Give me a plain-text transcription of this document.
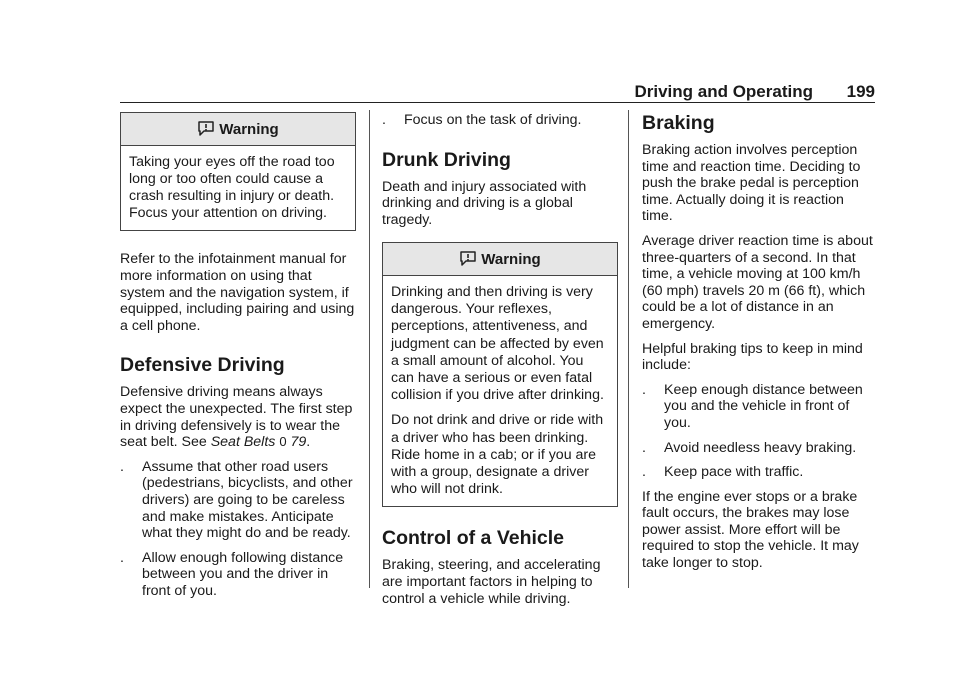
Driving and Operating 199
Warning

Taking your eyes off the road too long or too often could cause a crash resulting in injury or death. Focus your attention on driving.

Refer to the infotainment manual for more information on using that system and the navigation system, if equipped, including pairing and using a cell phone.

Defensive Driving

Defensive driving means always expect the unexpected. The first step in driving defensively is to wear the seat belt. See Seat Belts 0 79.

. Assume that other road users (pedestrians, bicyclists, and other drivers) are going to be careless and make mistakes. Anticipate what they might do and be ready.
. Allow enough following distance between you and the driver in front of you.
. Focus on the task of driving.
Drunk Driving

Death and injury associated with drinking and driving is a global tragedy.

Warning

Drinking and then driving is very dangerous. Your reflexes, perceptions, attentiveness, and judgment can be affected by even a small amount of alcohol. You can have a serious or even fatal collision if you drive after drinking.

Do not drink and drive or ride with a driver who has been drinking. Ride home in a cab; or if you are with a group, designate a driver who will not drink.

Control of a Vehicle

Braking, steering, and accelerating are important factors in helping to control a vehicle while driving.

Braking

Braking action involves perception time and reaction time. Deciding to push the brake pedal is perception time. Actually doing it is reaction time.

Average driver reaction time is about three-quarters of a second. In that time, a vehicle moving at 100 km/h (60 mph) travels 20 m (66 ft), which could be a lot of distance in an emergency.

Helpful braking tips to keep in mind include:

. Keep enough distance between you and the vehicle in front of you.
. Avoid needless heavy braking.
. Keep pace with traffic.

If the engine ever stops or a brake fault occurs, the brakes may lose power assist. More effort will be required to stop the vehicle. It may take longer to stop.
